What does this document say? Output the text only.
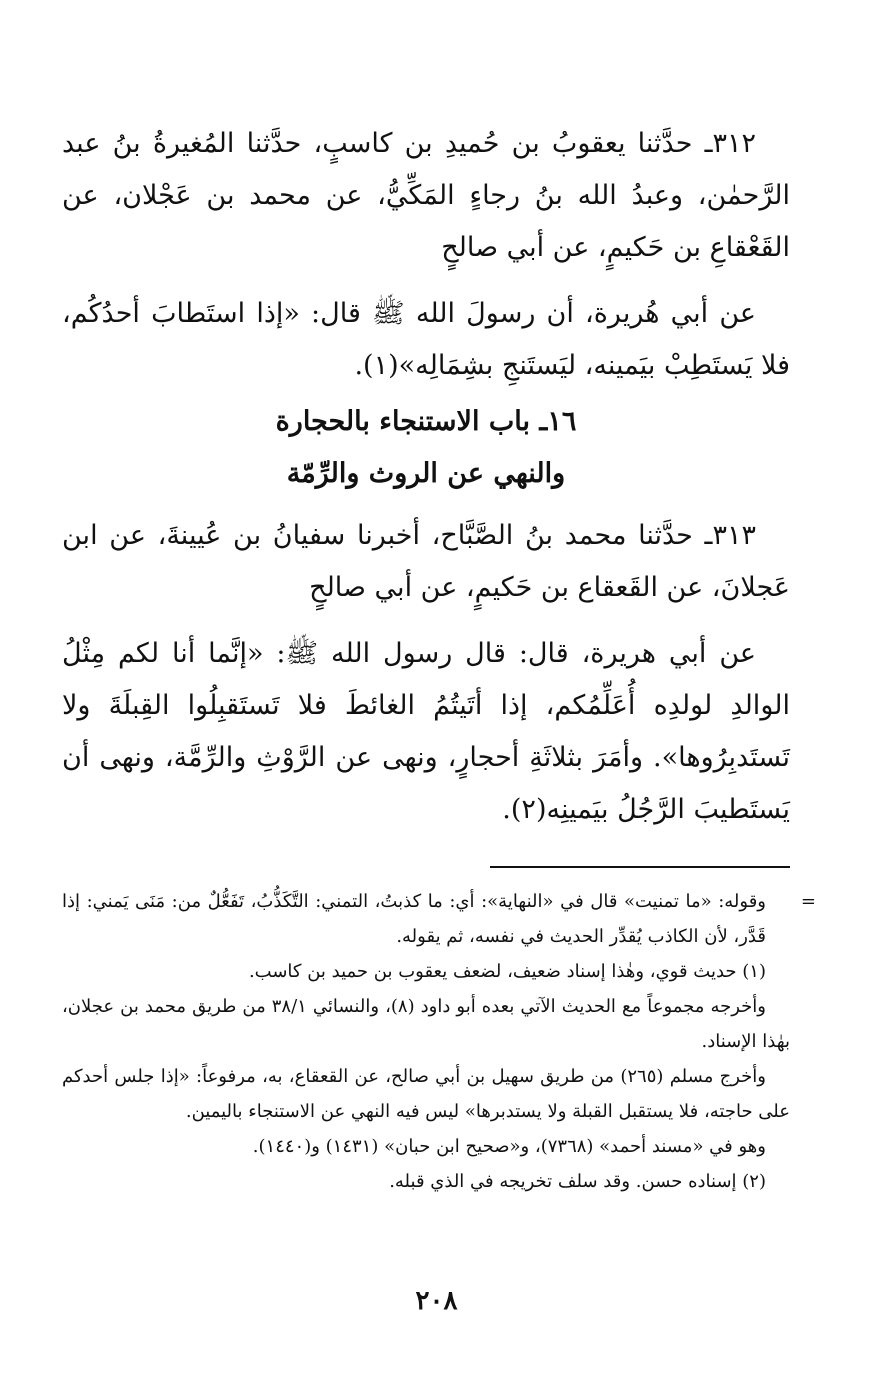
٣١٢ـ حدَّثنا يعقوبُ بن حُميدِ بن كاسبٍ، حدَّثنا المُغيرةُ بنُ عبد الرَّحمٰن، وعبدُ الله بنُ رجاءٍ المَكِّيُّ، عن محمد بن عَجْلان، عن القَعْقاعِ بن حَكيمٍ، عن أبي صالحٍ

عن أبي هُريرة، أن رسولَ الله ﷺ قال: «إذا استَطابَ أحدُكُم، فلا يَستَطِبْ بيَمينه، ليَستَنجِ بشِمَالِه»(١).

١٦ـ باب الاستنجاء بالحجارة
والنهي عن الروث والرِّمّة

٣١٣ـ حدَّثنا محمد بنُ الصَّبَّاح، أخبرنا سفيانُ بن عُيينةَ، عن ابن عَجلانَ، عن القَعقاع بن حَكيمٍ، عن أبي صالحٍ

عن أبي هريرة، قال: قال رسول الله ﷺ: «إنَّما أنا لكم مِثْلُ الوالدِ لولدِه أُعَلِّمُكم، إذا أتَيتُمُ الغائطَ فلا تَستَقبِلُوا القِبلَةَ ولا تَستَدبِرُوها». وأمَرَ بثلاثَةِ أحجارٍ، ونهى عن الرَّوْثِ والرِّمَّة، ونهى أن يَستَطيبَ الرَّجُلُ بيَمينِه(٢).

=
وقوله: «ما تمنيت» قال في «النهاية»: أي: ما كذبتُ، التمني: التَّكَذُّبُ، تَفَعُّلٌ من: مَنَى يَمني: إذا قَدَّر، لأن الكاذب يُقدِّر الحديث في نفسه، ثم يقوله.

(١) حديث قوي، وهٰذا إسناد ضعيف، لضعف يعقوب بن حميد بن كاسب.

وأخرجه مجموعاً مع الحديث الآتي بعده أبو داود (٨)، والنسائي ٣٨/١ من طريق محمد بن عجلان، بهٰذا الإسناد.

وأخرج مسلم (٢٦٥) من طريق سهيل بن أبي صالح، عن القعقاع، به، مرفوعاً: «إذا جلس أحدكم على حاجته، فلا يستقبل القبلة ولا يستدبرها» ليس فيه النهي عن الاستنجاء باليمين.

وهو في «مسند أحمد» (٧٣٦٨)، و«صحيح ابن حبان» (١٤٣١) و(١٤٤٠).

(٢) إسناده حسن. وقد سلف تخريجه في الذي قبله.

٢٠٨
